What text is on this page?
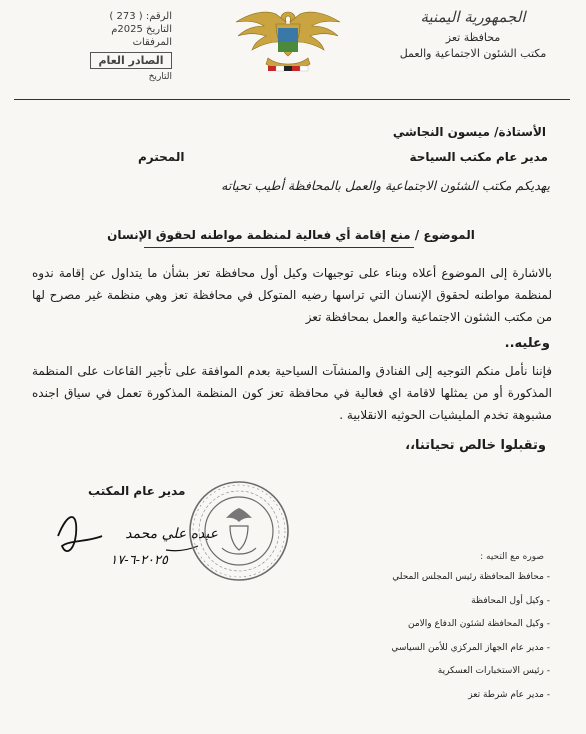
الجمهورية اليمنية
محافظة تعز
مكتب الشئون الاجتماعية والعمل
الرقم: ( 273 )
التاريخ 2025م
المرفقات
الصادر العام
التاريخ
الأستاذة/ ميسون النجاشي
مدير عام مكتب السياحة
المحترم
يهديكم مكتب الشئون الاجتماعية والعمل بالمحافظة أطيب تحياته
الموضوع / منع إقامة أي فعالية لمنظمة مواطنه لحقوق الإنسان
بالاشارة إلى الموضوع أعلاه وبناء على توجيهات وكيل أول محافظة تعز بشأن ما يتداول عن إقامة ندوه لمنظمة مواطنه لحقوق الإنسان التي تراسها رضيه المتوكل في محافظة تعز وهي منظمة غير مصرح لها من مكتب الشئون الاجتماعية والعمل بمحافظة تعز
وعليه..
فإننا نأمل منكم التوجيه إلى الفنادق والمنشآت السياحية بعدم الموافقة على تأجير القاعات على المنظمة المذكورة أو من يمثلها لاقامة اي فعالية في محافظة تعز كون المنظمة المذكورة تعمل في سياق اجنده مشبوهة تخدم المليشيات الحوثيه الانقلابية .
وتقبلوا خالص تحياتنا،،
مدير عام المكتب
عبده علي محمد
٢٠٢٥-٦-١٧	صوره مع التحيه :
- محافظ المحافظة رئيس المجلس المحلي
- وكيل أول المحافظة
- وكيل المحافظة لشئون الدفاع والامن
- مدير عام الجهاز المركزي للأمن السياسي
- رئيس الاستخبارات العسكرية
- مدير عام شرطة تعز
